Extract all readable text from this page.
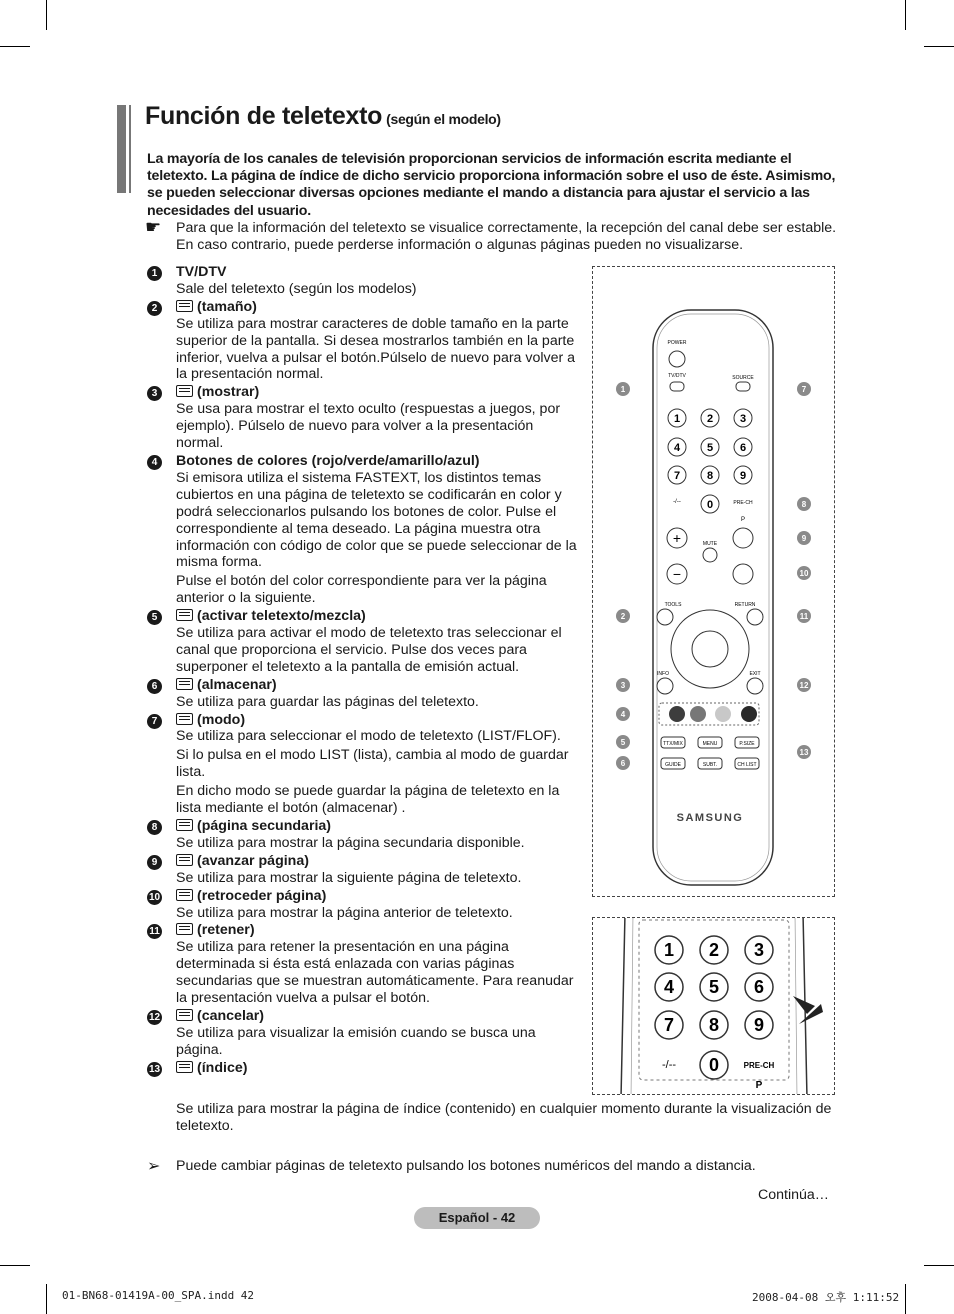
Función de teletexto (según el modelo)
La mayoría de los canales de televisión proporcionan servicios de información escrita mediante el teletexto. La página de índice de dicho servicio proporciona información sobre el uso de éste. Asimismo, se pueden seleccionar diversas opciones mediante el mando a distancia para ajustar el servicio a las necesidades del usuario.
☛ Para que la información del teletexto se visualice correctamente, la recepción del canal debe ser estable. En caso contrario, puede perderse información o algunas páginas pueden no visualizarse.
1	TV/DTV
Sale del teletexto (según los modelos)
2	(tamaño)
Se utiliza para mostrar caracteres de doble tamaño en la parte superior de la pantalla. Si desea mostrarlos también en la parte inferior, vuelva a pulsar el botón.Púlselo de nuevo para volver a la presentación normal.
3	(mostrar)
Se usa para mostrar el texto oculto (respuestas a juegos, por ejemplo). Púlselo de nuevo para volver a la presentación normal.
4	Botones de colores (rojo/verde/amarillo/azul)
Si emisora utiliza el sistema FASTEXT, los distintos temas cubiertos en una página de teletexto se codificarán en color y podrá seleccionarlos pulsando los botones de color. Pulse el correspondiente al tema deseado. La página muestra otra información con código de color que se puede seleccionar de la misma forma.
Pulse el botón del color correspondiente para ver la página anterior o la siguiente.
5	(activar teletexto/mezcla)
Se utiliza para activar el modo de teletexto tras seleccionar el canal que proporciona el servicio. Pulse dos veces para superponer el teletexto a la pantalla de emisión actual.
6	(almacenar)
Se utiliza para guardar las páginas del teletexto.
7	(modo)
Se utiliza para seleccionar el modo de teletexto (LIST/FLOF).
Si lo pulsa en el modo LIST (lista), cambia al modo de guardar lista.
En dicho modo se puede guardar la página de teletexto en la lista mediante el botón (almacenar) .
8	(página secundaria)
Se utiliza para mostrar la página secundaria disponible.
9	(avanzar página)
Se utiliza para mostrar la siguiente página de teletexto.
10	(retroceder página)
Se utiliza para mostrar la página anterior de teletexto.
11	(retener)
Se utiliza para retener la presentación en una página determinada si ésta está enlazada con varias páginas secundarias que se muestran automáticamente. Para reanudar la presentación vuelva a pulsar el botón.
12	(cancelar)
Se utiliza para visualizar la emisión cuando se busca una página.
13	(índice)
Se utiliza para mostrar la página de índice (contenido) en cualquier momento durante la visualización de teletexto.
➢ Puede cambiar páginas de teletexto pulsando los botones numéricos del mando a distancia.
Continúa…
Español - 42
01-BN68-01419A-00_SPA.indd 42	2008-04-08 오후 1:11:52
POWER
TV/DTV	SOURCE
1 2 3
4 5 6
7 8 9
0
-/--	PRE-CH
P
+
−
MUTE
TOOLS	RETURN
INFO	EXIT
TTX/MIX	MENU	P.SIZE
GUIDE	SUBT.	CH LIST
SAMSUNG
1
2
3
4
5
6
7
8
9
10
11
12
13
1 2 3
4 5 6
7 8 9
0
-/--	PRE-CH
P
